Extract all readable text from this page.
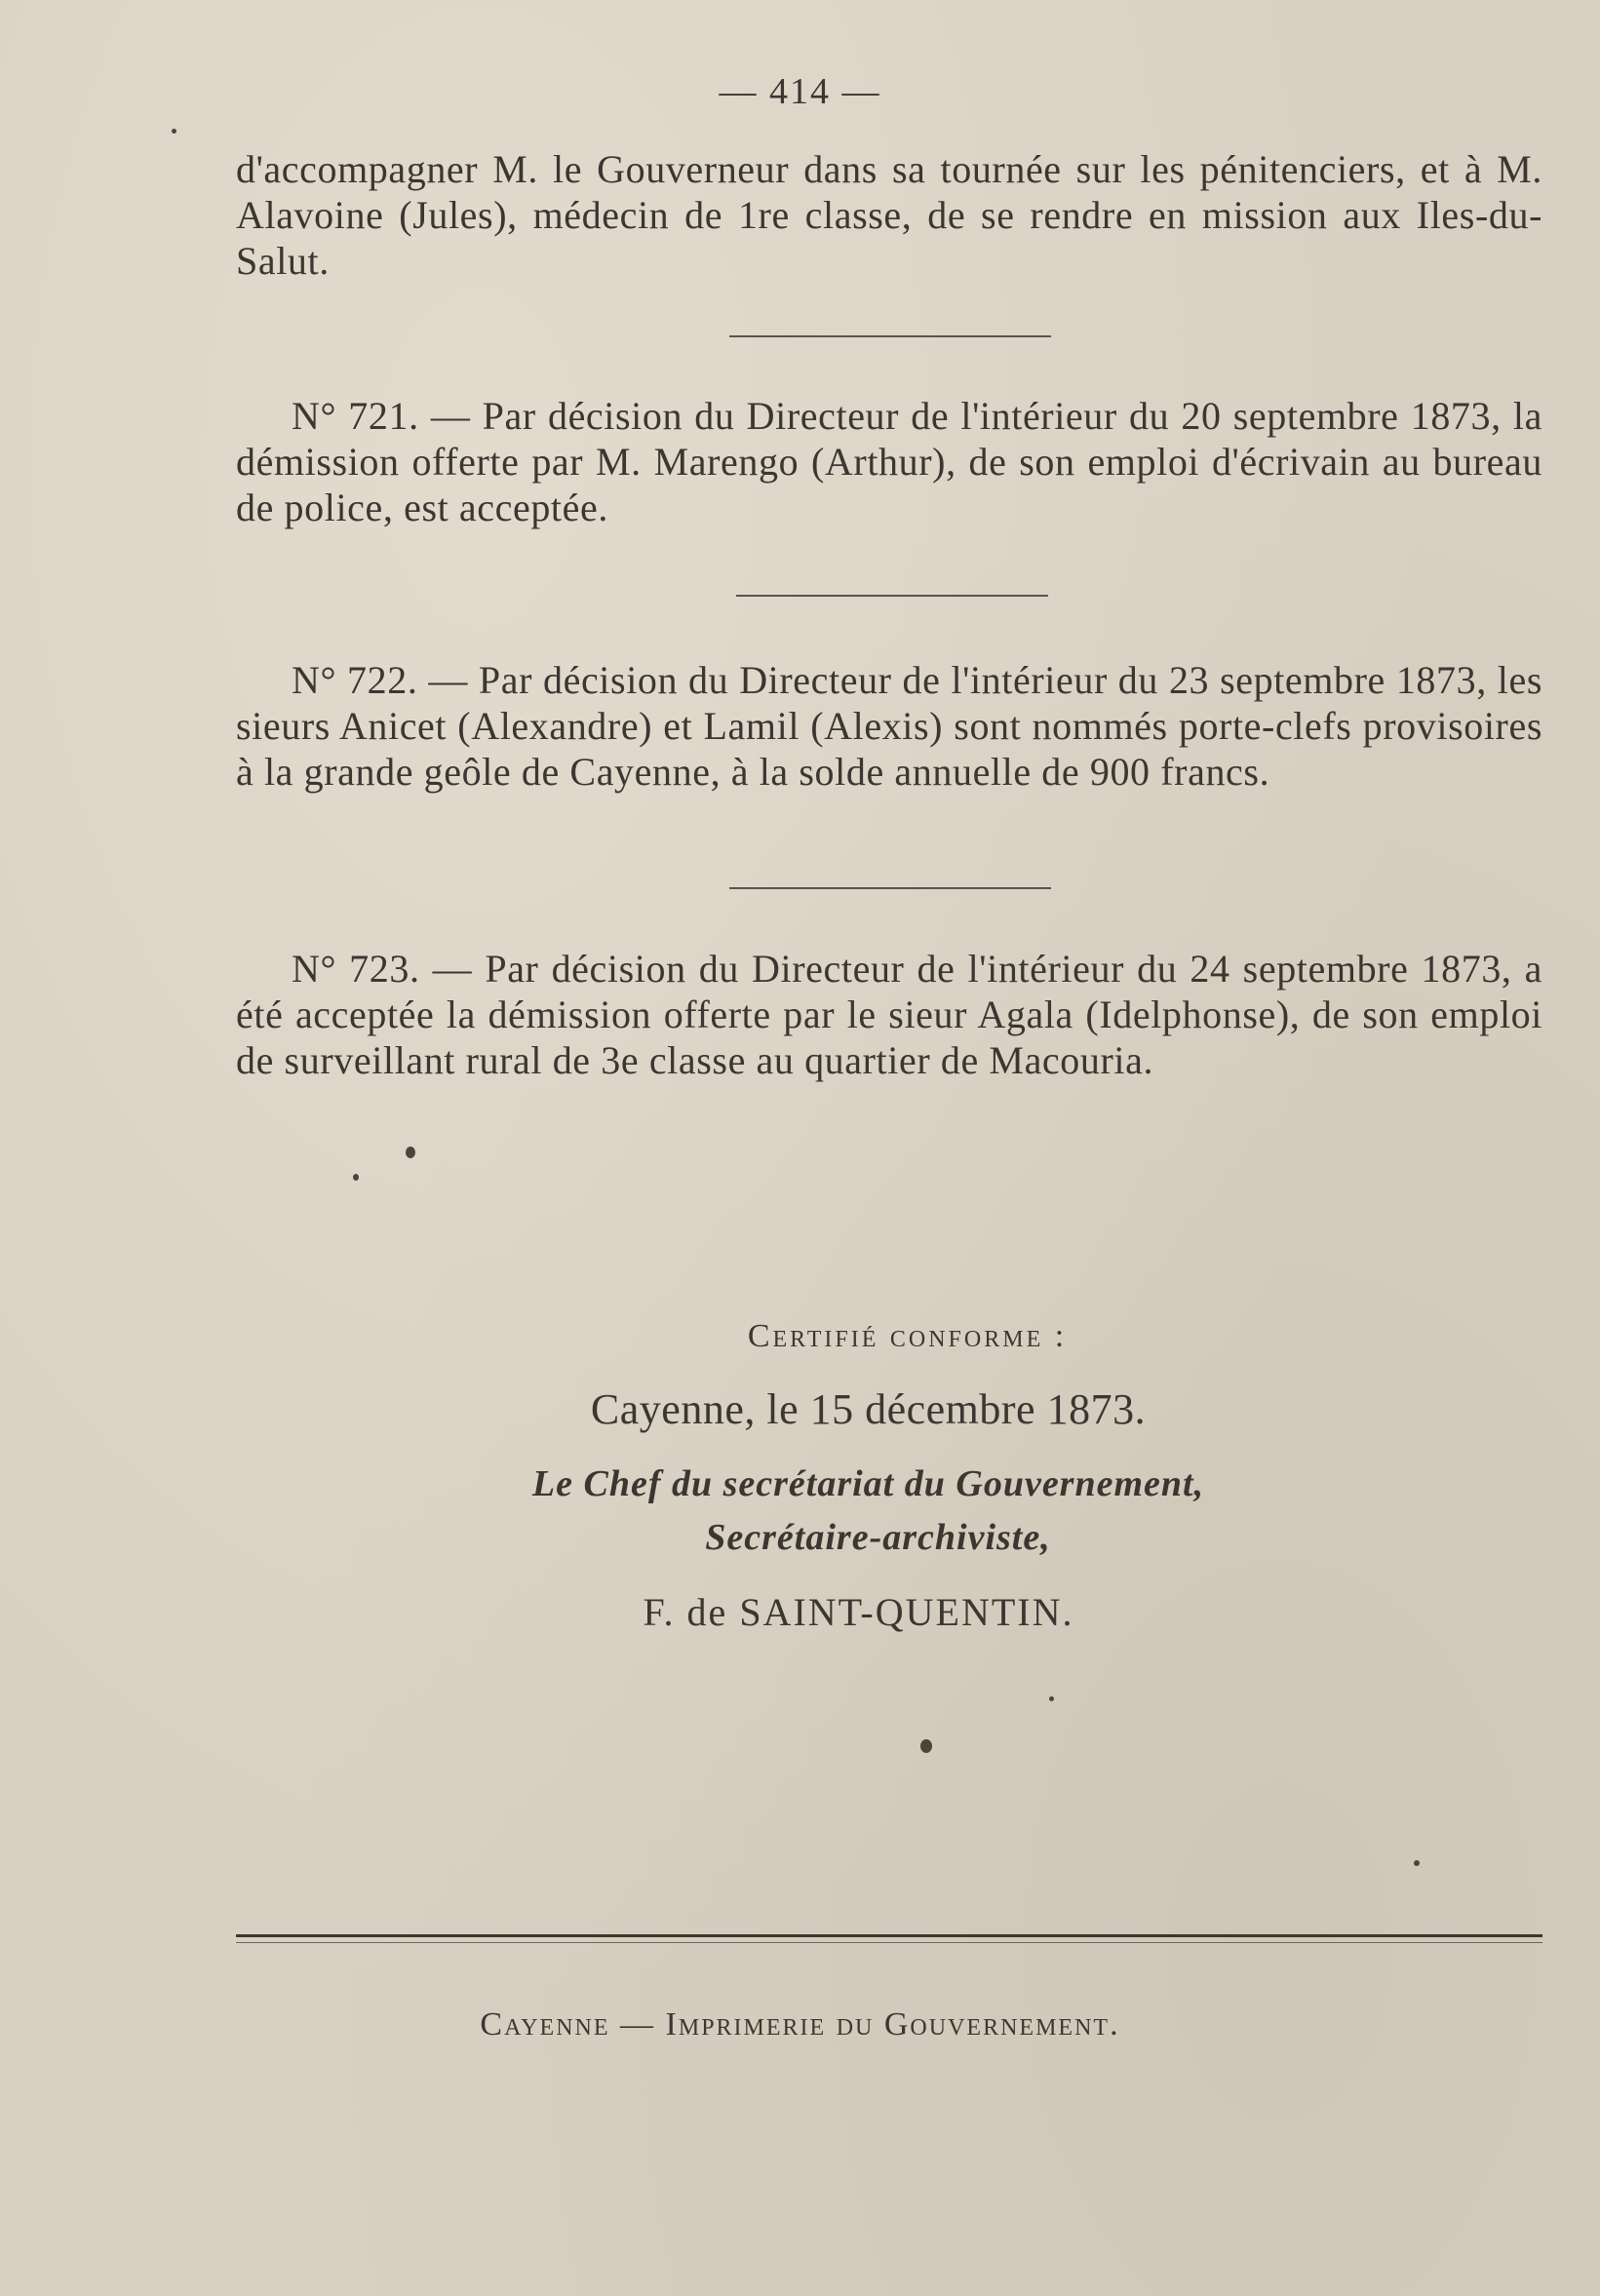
— 414 —

d'accompagner M. le Gouverneur dans sa tournée sur les pénitenciers, et à M. Alavoine (Jules), médecin de 1re classe, de se rendre en mission aux Iles-du-Salut.

N° 721. — Par décision du Directeur de l'intérieur du 20 septembre 1873, la démission offerte par M. Marengo (Arthur), de son emploi d'écrivain au bureau de police, est acceptée.

N° 722. — Par décision du Directeur de l'intérieur du 23 septembre 1873, les sieurs Anicet (Alexandre) et Lamil (Alexis) sont nommés porte-clefs provisoires à la grande geôle de Cayenne, à la solde annuelle de 900 francs.

N° 723. — Par décision du Directeur de l'intérieur du 24 septembre 1873, a été acceptée la démission offerte par le sieur Agala (Idelphonse), de son emploi de surveillant rural de 3e classe au quartier de Macouria.

Certifié conforme :
Cayenne, le 15 décembre 1873.
Le Chef du secrétariat du Gouvernement,
Secrétaire-archiviste,
F. de SAINT-QUENTIN.
Cayenne — Imprimerie du Gouvernement.
